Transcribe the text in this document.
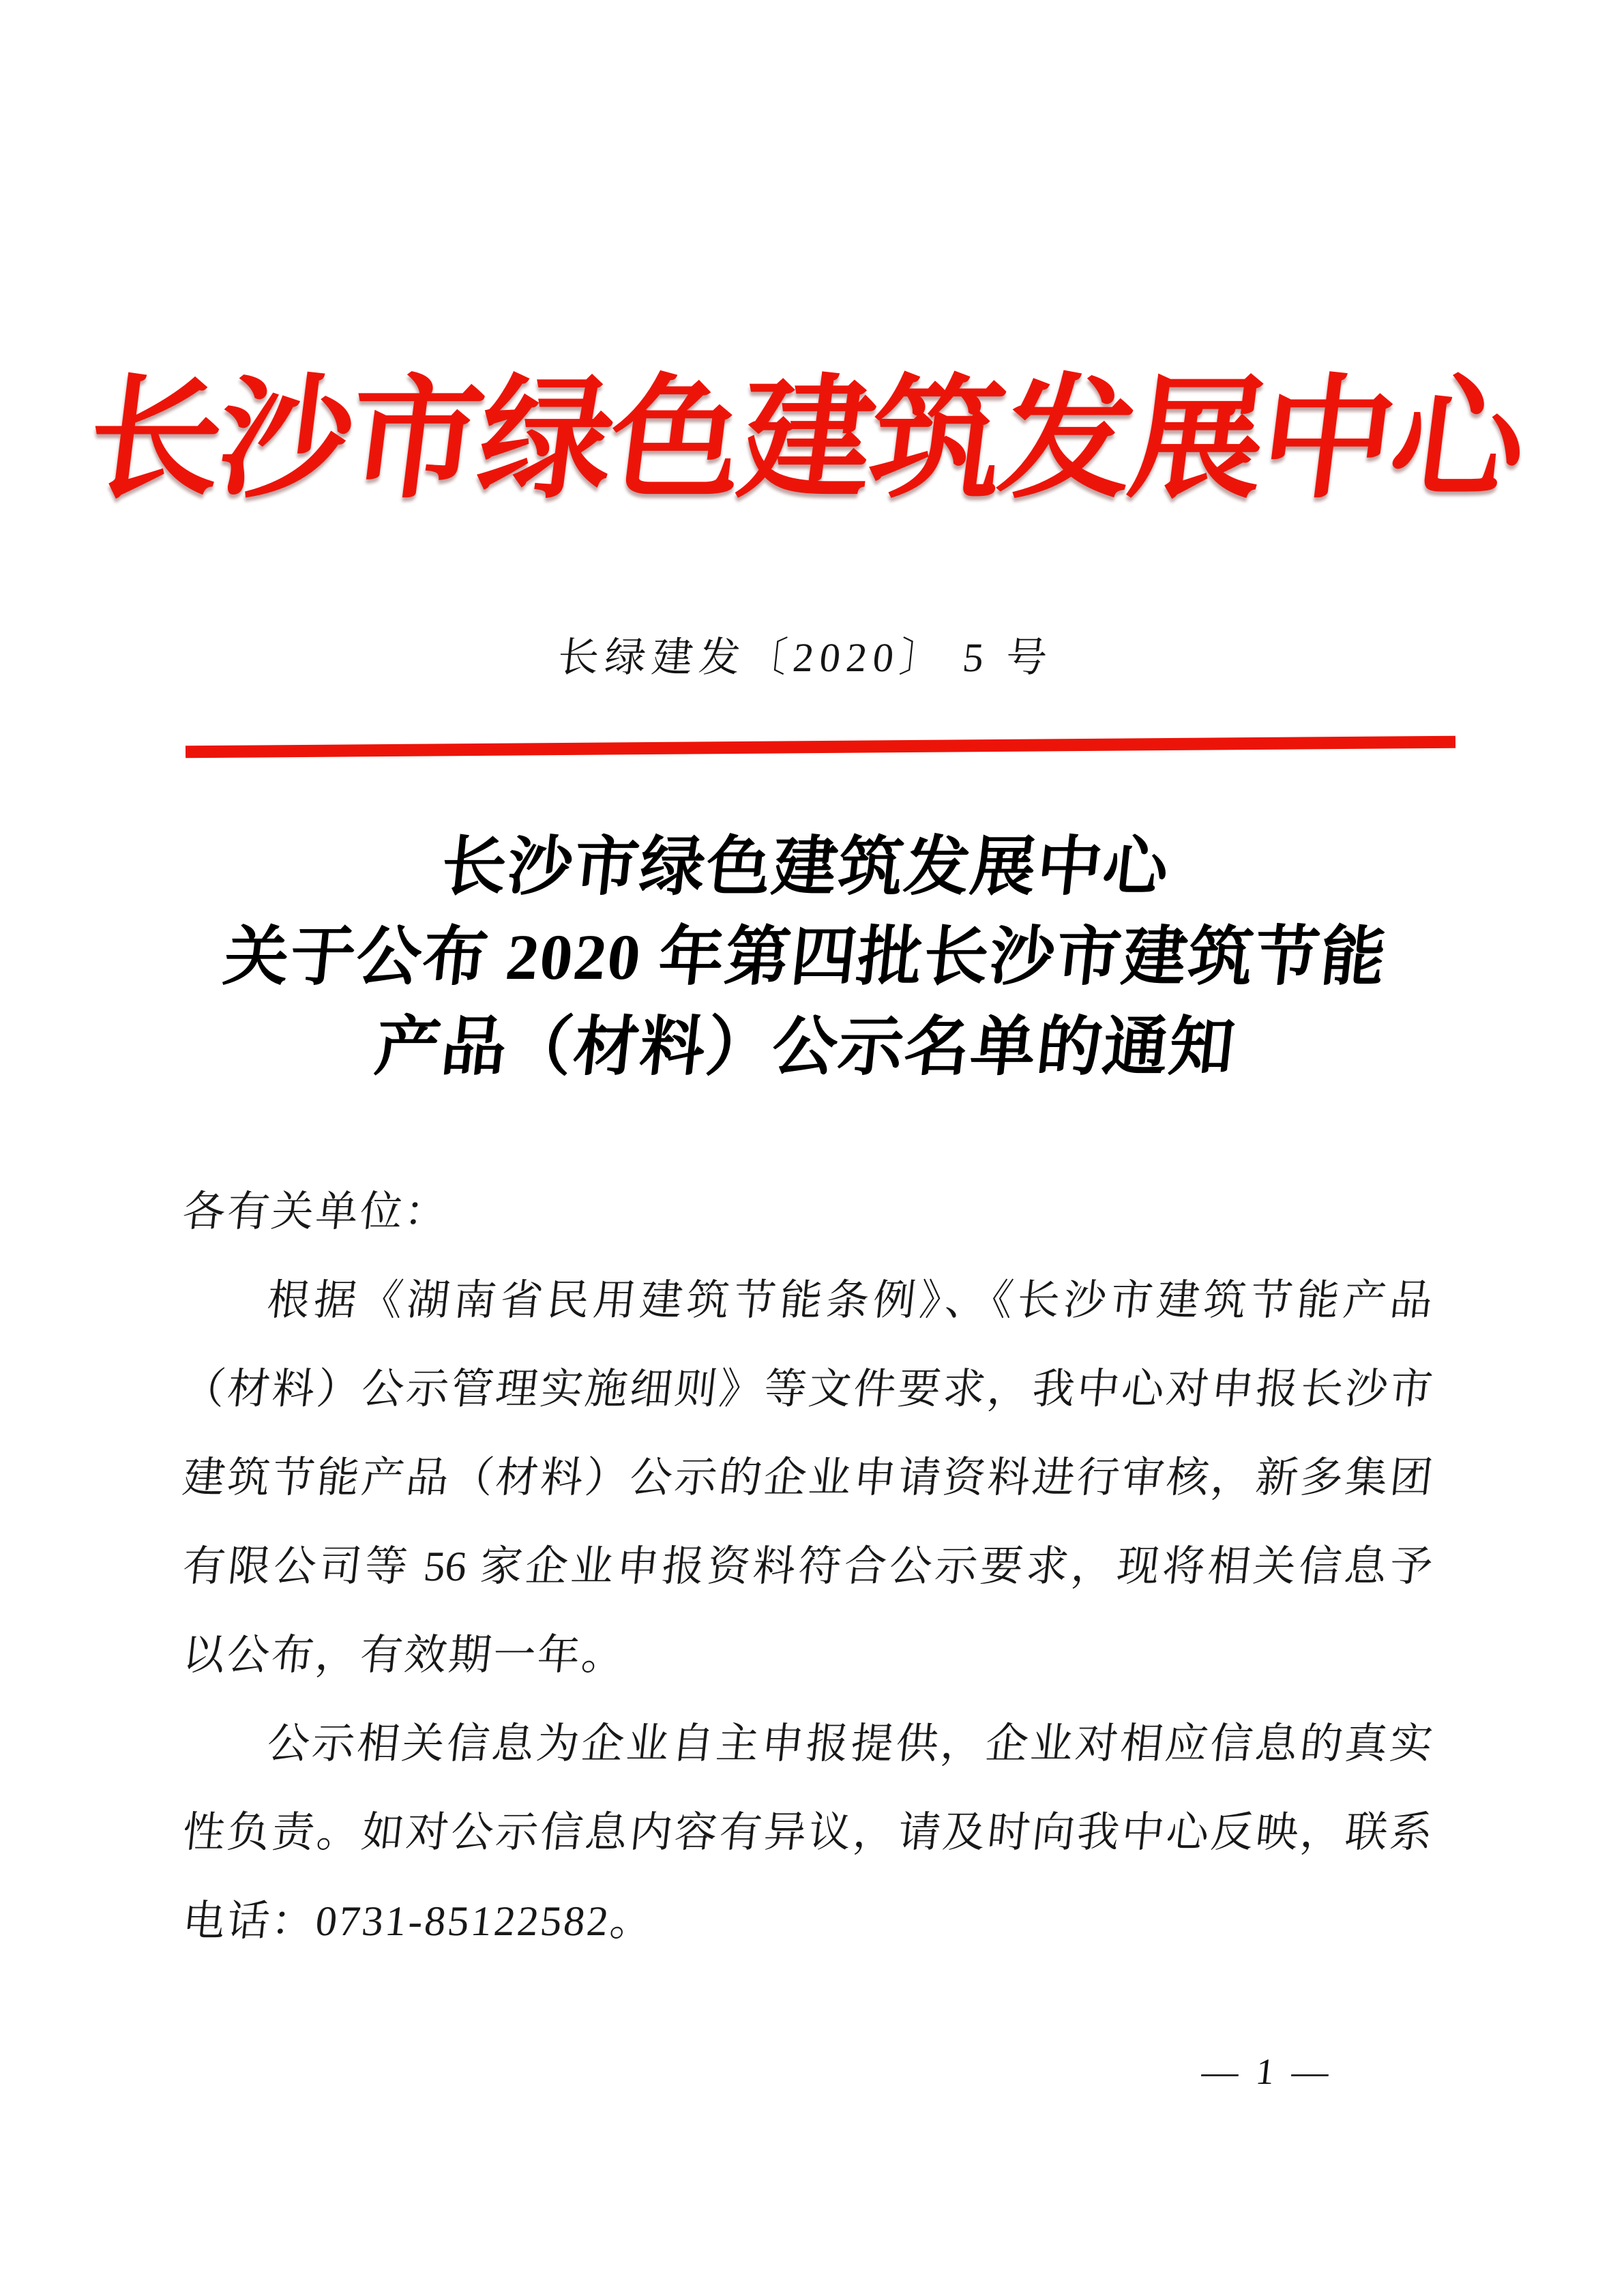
长沙市绿色建筑发展中心
长绿建发〔2020〕 5 号
长沙市绿色建筑发展中心
关于公布 2020 年第四批长沙市建筑节能
产品（材料）公示名单的通知
各有关单位：
根据《湖南省民用建筑节能条例》、《长沙市建筑节能产品
（材料）公示管理实施细则》等文件要求，我中心对申报长沙市
建筑节能产品（材料）公示的企业申请资料进行审核，新多集团
有限公司等 56 家企业申报资料符合公示要求，现将相关信息予
以公布，有效期一年。
公示相关信息为企业自主申报提供，企业对相应信息的真实
性负责。如对公示信息内容有异议，请及时向我中心反映，联系
电话：0731-85122582。
— 1 —
